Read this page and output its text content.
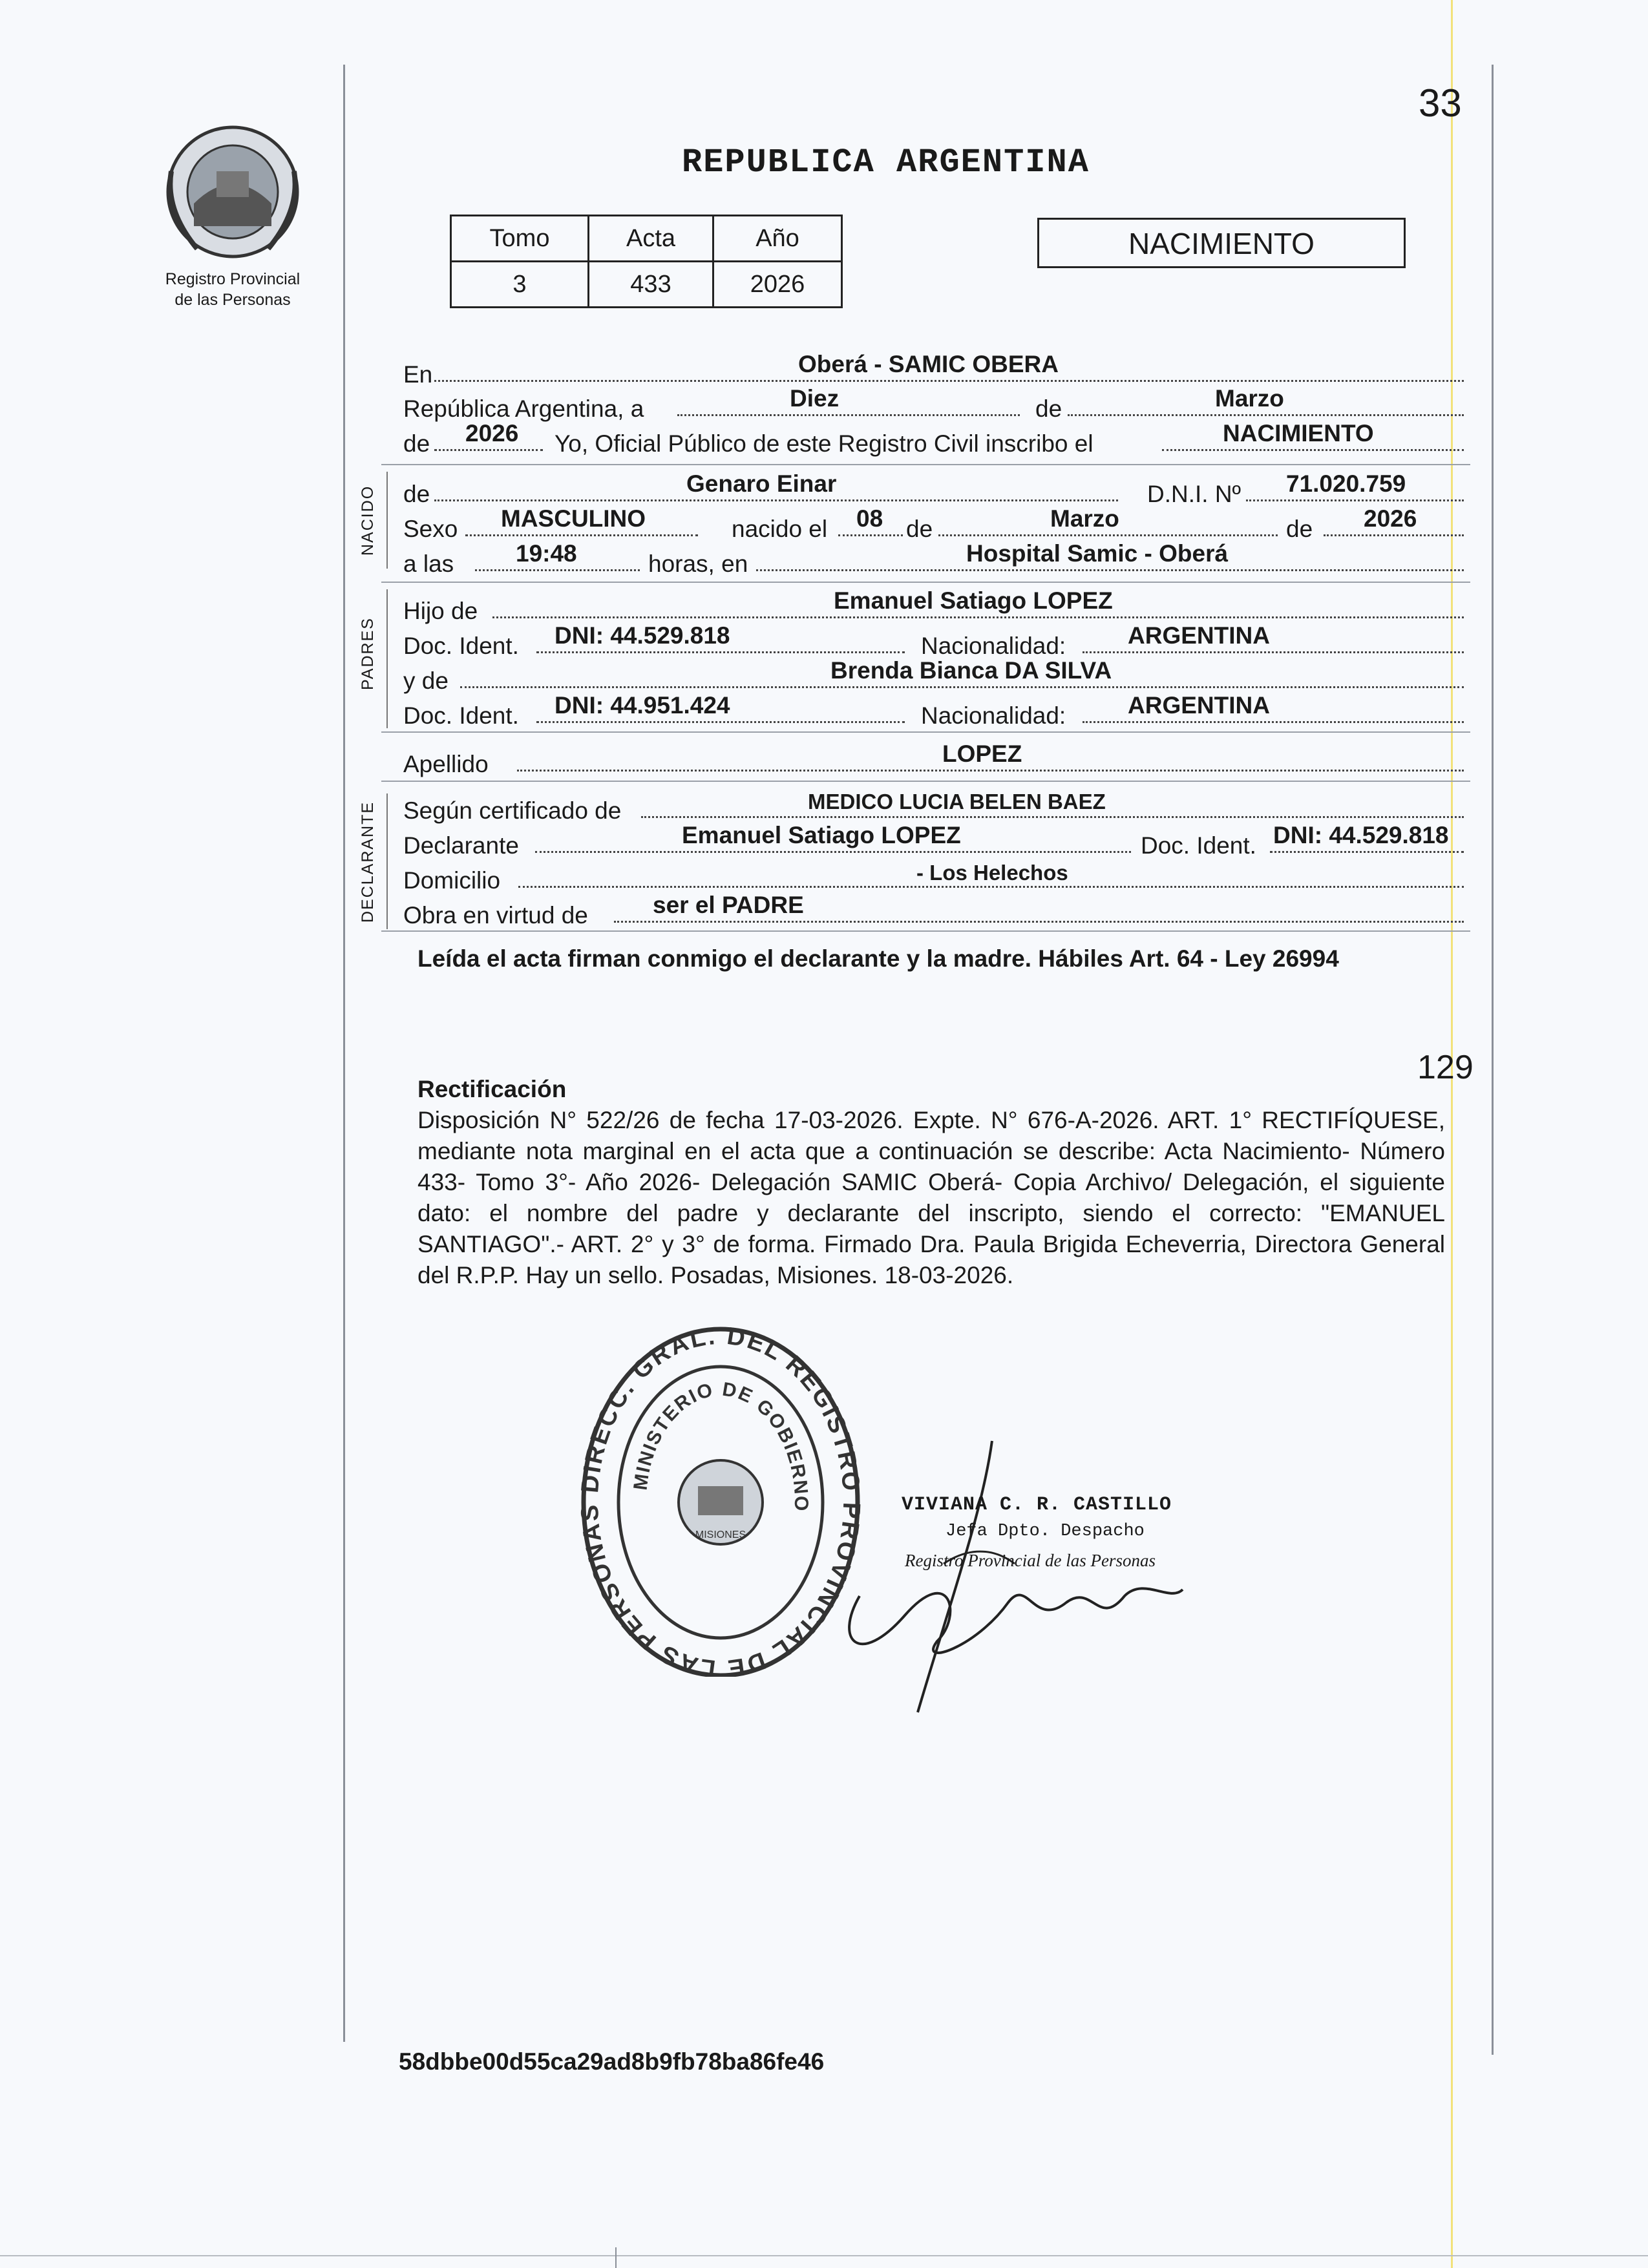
33
Registro Provincial
de las Personas
REPUBLICA ARGENTINA
Tomo	Acta	Año
3	433	2026
NACIMIENTO
En	Oberá - SAMIC OBERA
República Argentina, a	Diez	de	Marzo
de 2026 Yo, Oficial Público de este Registro Civil inscribo el	NACIMIENTO
NACIDO de	Genaro Einar	D.N.I. Nº 71.020.759
Sexo MASCULINO	nacido el 08 de	Marzo	de 2026
a las	19:48	horas, en	Hospital Samic - Oberá
PADRES
Hijo de	Emanuel Satiago LOPEZ
Doc. Ident. DNI: 44.529.818	Nacionalidad:	ARGENTINA
y de	Brenda Bianca DA SILVA
Doc. Ident. DNI: 44.951.424	Nacionalidad:	ARGENTINA
Apellido	LOPEZ
DECLARANTE Según certificado de	MEDICO LUCIA BELEN BAEZ
Declarante	Emanuel Satiago LOPEZ	Doc. Ident. DNI: 44.529.818
Domicilio	- Los Helechos
Obra en virtud de	ser el PADRE
Leída el acta firman conmigo el declarante y la madre. Hábiles Art. 64 - Ley 26994
129
Rectificación
Disposición N° 522/26 de fecha 17-03-2026. Expte. N° 676-A-2026. ART. 1° RECTIFÍQUESE, mediante nota marginal en el acta que a continuación se describe: Acta Nacimiento- Número 433- Tomo 3°- Año 2026- Delegación SAMIC Oberá- Copia Archivo/ Delegación, el siguiente dato: el nombre del padre y declarante del inscripto, siendo el correcto: "EMANUEL SANTIAGO".- ART. 2° y 3° de forma. Firmado Dra. Paula Brigida Echeverria, Directora General del R.P.P. Hay un sello. Posadas, Misiones. 18-03-2026.
DIRECC. GRAL. DEL REGISTRO PROVINCIAL DE LAS PERSONAS
MISIONES
MINISTERIO DE GOBIERNO	VIVIANA C. R. CASTILLO
Jefa Dpto. Despacho
Registro Provincial de las Personas
58dbbe00d55ca29ad8b9fb78ba86fe46
